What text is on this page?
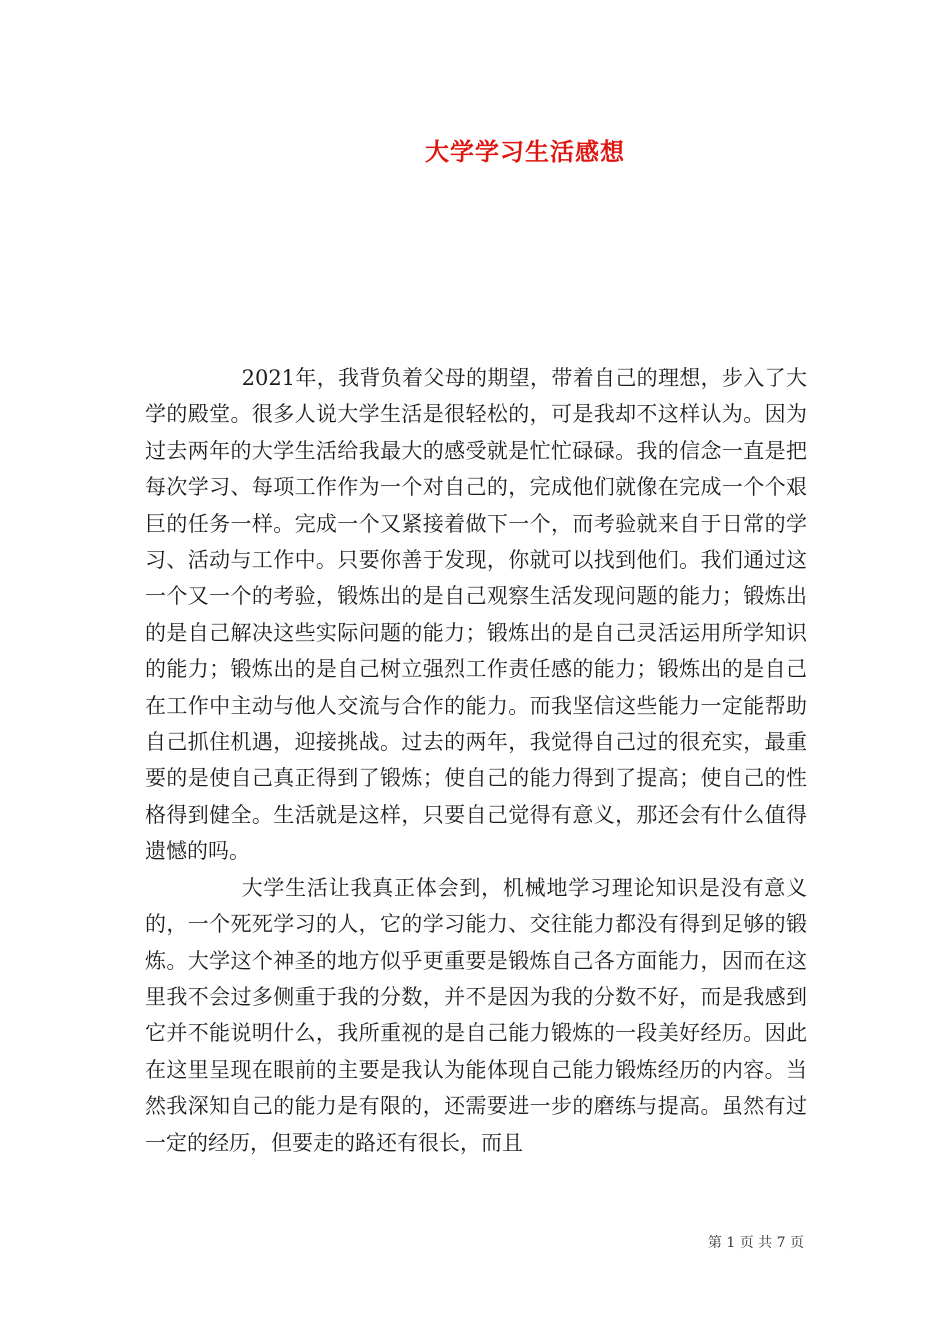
大学学习生活感想

2021年，我背负着父母的期望，带着自己的理想，步入了大学的殿堂。很多人说大学生活是很轻松的，可是我却不这样认为。因为过去两年的大学生活给我最大的感受就是忙忙碌碌。我的信念一直是把每次学习、每项工作作为一个对自己的，完成他们就像在完成一个个艰巨的任务一样。完成一个又紧接着做下一个，而考验就来自于日常的学习、活动与工作中。只要你善于发现，你就可以找到他们。我们通过这一个又一个的考验，锻炼出的是自己观察生活发现问题的能力；锻炼出的是自己解决这些实际问题的能力；锻炼出的是自己灵活运用所学知识的能力；锻炼出的是自己树立强烈工作责任感的能力；锻炼出的是自己在工作中主动与他人交流与合作的能力。而我坚信这些能力一定能帮助自己抓住机遇，迎接挑战。过去的两年，我觉得自己过的很充实，最重要的是使自己真正得到了锻炼；使自己的能力得到了提高；使自己的性格得到健全。生活就是这样，只要自己觉得有意义，那还会有什么值得遗憾的吗。

大学生活让我真正体会到，机械地学习理论知识是没有意义的，一个死死学习的人，它的学习能力、交往能力都没有得到足够的锻炼。大学这个神圣的地方似乎更重要是锻炼自己各方面能力，因而在这里我不会过多侧重于我的分数，并不是因为我的分数不好，而是我感到它并不能说明什么，我所重视的是自己能力锻炼的一段美好经历。因此在这里呈现在眼前的主要是我认为能体现自己能力锻炼经历的内容。当然我深知自己的能力是有限的，还需要进一步的磨练与提高。虽然有过一定的经历，但要走的路还有很长，而且

第 1 页 共 7 页
